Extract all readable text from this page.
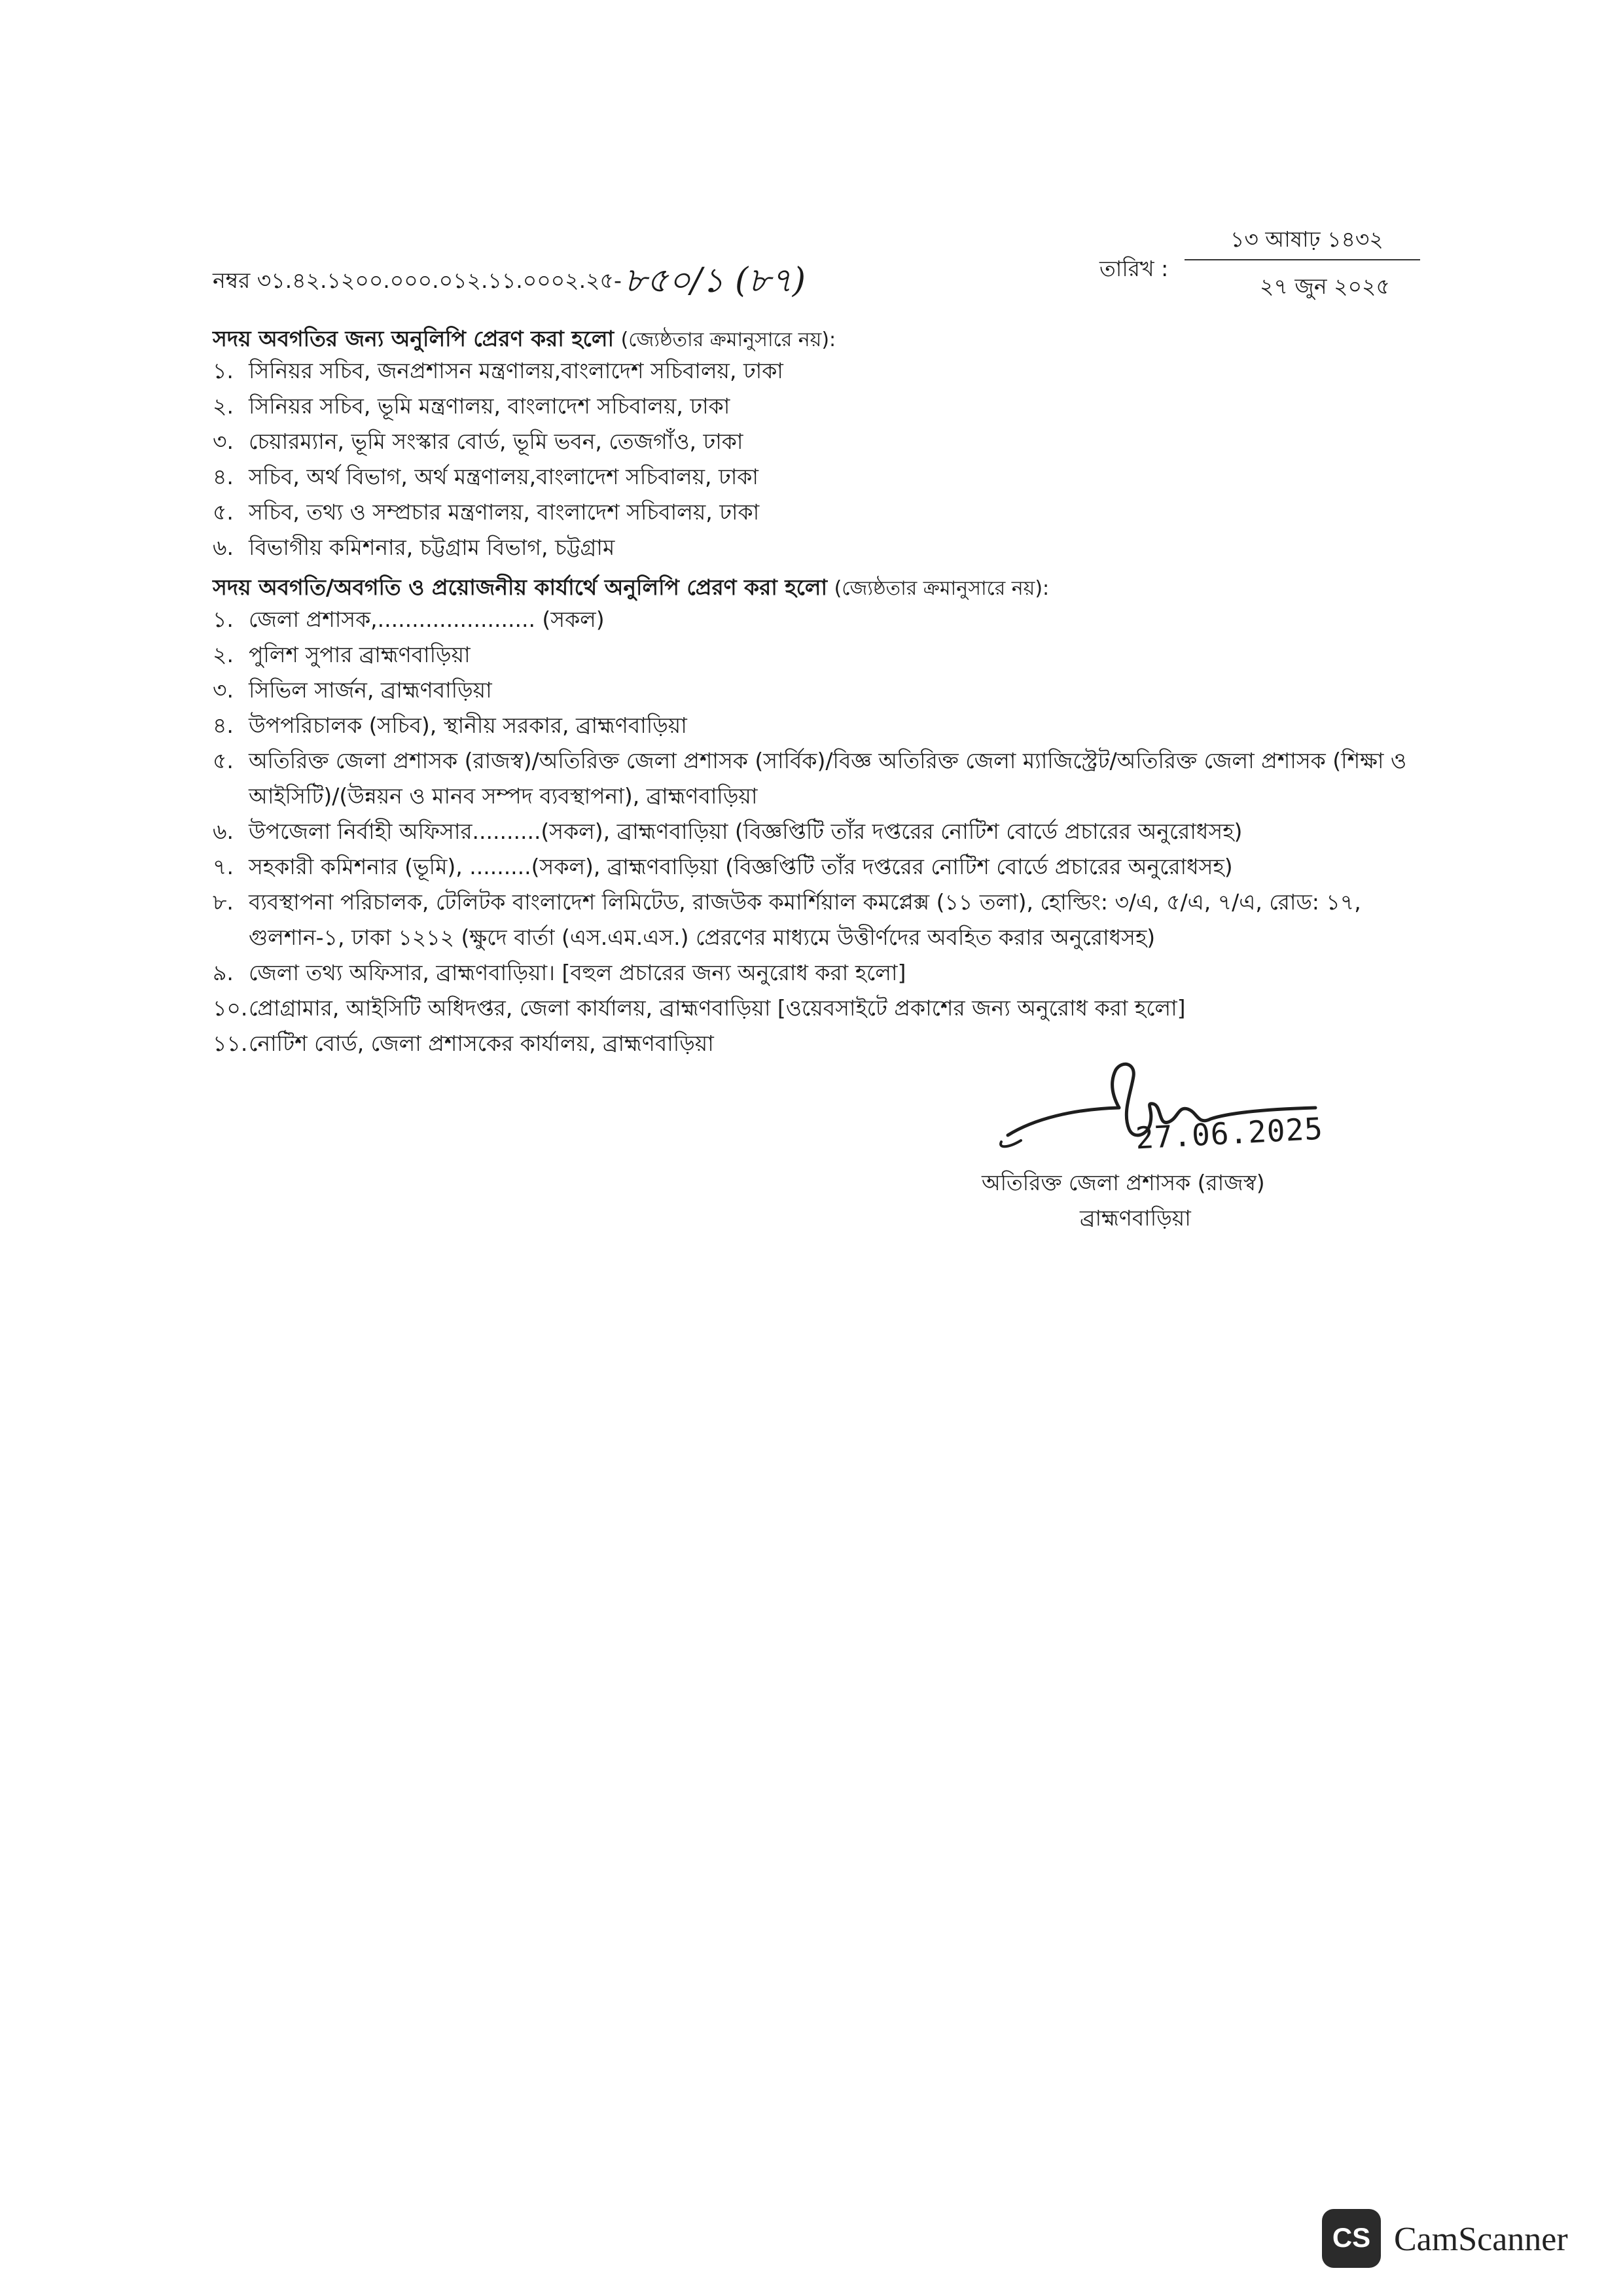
নম্বর ৩১.৪২.১২০০.০০০.০১২.১১.০০০২.২৫-৮৫০/১ (৮৭)	তারিখ :
১৩ আষাঢ় ১৪৩২
২৭ জুন ২০২৫
সদয় অবগতির জন্য অনুলিপি প্রেরণ করা হলো (জ্যেষ্ঠতার ক্রমানুসারে নয়):
১. সিনিয়র সচিব, জনপ্রশাসন মন্ত্রণালয়,বাংলাদেশ সচিবালয়, ঢাকা
২. সিনিয়র সচিব, ভূমি মন্ত্রণালয়, বাংলাদেশ সচিবালয়, ঢাকা
৩. চেয়ারম্যান, ভূমি সংস্কার বোর্ড, ভূমি ভবন, তেজগাঁও, ঢাকা
৪. সচিব, অর্থ বিভাগ, অর্থ মন্ত্রণালয়,বাংলাদেশ সচিবালয়, ঢাকা
৫. সচিব, তথ্য ও সম্প্রচার মন্ত্রণালয়, বাংলাদেশ সচিবালয়, ঢাকা
৬. বিভাগীয় কমিশনার, চট্টগ্রাম বিভাগ, চট্টগ্রাম
সদয় অবগতি/অবগতি ও প্রয়োজনীয় কার্যার্থে অনুলিপি প্রেরণ করা হলো (জ্যেষ্ঠতার ক্রমানুসারে নয়):
১. জেলা প্রশাসক,....................... (সকল)
২. পুলিশ সুপার ব্রাহ্মণবাড়িয়া
৩. সিভিল সার্জন, ব্রাহ্মণবাড়িয়া
৪. উপপরিচালক (সচিব), স্থানীয় সরকার, ব্রাহ্মণবাড়িয়া
৫. অতিরিক্ত জেলা প্রশাসক (রাজস্ব)/অতিরিক্ত জেলা প্রশাসক (সার্বিক)/বিজ্ঞ অতিরিক্ত জেলা ম্যাজিস্ট্রেট/অতিরিক্ত জেলা প্রশাসক (শিক্ষা ও আইসিটি)/(উন্নয়ন ও মানব সম্পদ ব্যবস্থাপনা), ব্রাহ্মণবাড়িয়া
৬. উপজেলা নির্বাহী অফিসার..........(সকল), ব্রাহ্মণবাড়িয়া (বিজ্ঞপ্তিটি তাঁর দপ্তরের নোটিশ বোর্ডে প্রচারের অনুরোধসহ)
৭. সহকারী কমিশনার (ভূমি), .........(সকল), ব্রাহ্মণবাড়িয়া (বিজ্ঞপ্তিটি তাঁর দপ্তরের নোটিশ বোর্ডে প্রচারের অনুরোধসহ)
৮. ব্যবস্থাপনা পরিচালক, টেলিটক বাংলাদেশ লিমিটেড, রাজউক কমার্শিয়াল কমপ্লেক্স (১১ তলা), হোল্ডিং: ৩/এ, ৫/এ, ৭/এ, রোড: ১৭, গুলশান-১, ঢাকা ১২১২ (ক্ষুদে বার্তা (এস.এম.এস.) প্রেরণের মাধ্যমে উত্তীর্ণদের অবহিত করার অনুরোধসহ)
৯. জেলা তথ্য অফিসার, ব্রাহ্মণবাড়িয়া। [বহুল প্রচারের জন্য অনুরোধ করা হলো]
১০. প্রোগ্রামার, আইসিটি অধিদপ্তর, জেলা কার্যালয়, ব্রাহ্মণবাড়িয়া [ওয়েবসাইটে প্রকাশের জন্য অনুরোধ করা হলো]
১১. নোটিশ বোর্ড, জেলা প্রশাসকের কার্যালয়, ব্রাহ্মণবাড়িয়া
27.06.2025
অতিরিক্ত জেলা প্রশাসক (রাজস্ব)
ব্রাহ্মণবাড়িয়া
CS CamScanner
